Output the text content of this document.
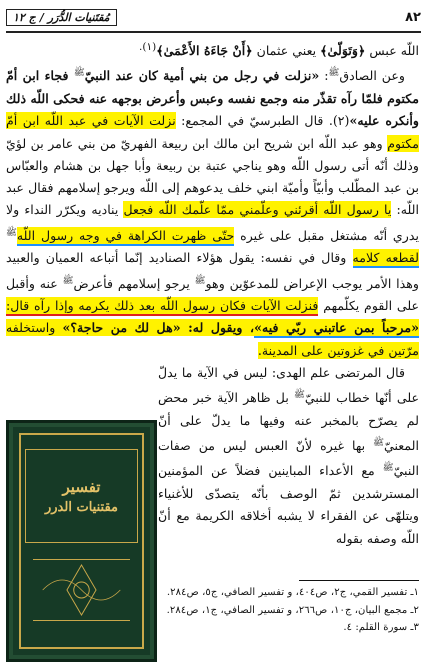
٨٢
مُقتَنيات الدُّرَر
/
ج ١٢

اللّه عبس ﴿وَتَوَلّىٰ﴾ يعني عثمان ﴿أَنْ جَاءَهُ الأَعْمَىٰ﴾$^{(١).}$

وعن الصادق$^ﷺ$: «نزلت في رجل من بني أمية كان عند النبيّ$^ﷺ$ فجاء ابن أمّ مكتوم فلمّا رآه تقذّر منه وجمع نفسه وعبس وأعرض بوجهه عنه فحكى اللّه ذلك وأنكره عليه»(٢). قال الطبرسيّ في المجمع: نزلت الآيات في عبد اللّه ابن أمّ مكتوم وهو عبد اللّه ابن شريح ابن مالك ابن ربيعة الفهريّ من بني عامر بن لؤيّ وذلك أنّه أتى رسول اللّه وهو يناجي عتبة بن ربيعة وأبا جهل بن هشام والعبّاس بن عبد المطّلب وأبيّاً وأميّة ابني خلف يدعوهم إلى اللّه ويرجو إسلامهم فقال عبد اللّه: يا رسول اللّه أقرئني وعلّمني ممّا علّمك اللّه فجعل يناديه ويكرّر النداء ولا يدري أنّه مشتغل مقبل على غيره حتّى ظهرت الكراهة في وجه رسول اللّه$^ﷺ$ لقطعه كلامه وقال في نفسه: يقول هؤلاء الصناديد إنّما أتباعه العميان والعبيد وهذا الأمر يوجب الإعراض للمدعوّين وهو$^ﷺ$ يرجو إسلامهم فأعرض$^ﷺ$ عنه وأقبل على القوم يكلّمهم فنزلت الآيات فكان رسول اللّه بعد ذلك يكرمه وإذا رآه قال: «مرحباً بمن عاتبني ربّي فيه»، ويقول له: «هل لك من حاجة؟» واستخلفه مرّتين في غزوتين على المدينة.

قال المرتضى علم الهدى: ليس في الآية ما يدلّ على أنّها خطاب للنبيّ$^ﷺ$ بل ظاهر الآية خبر محض لم يصرّح بالمخبر عنه وفيها ما يدلّ على أنّ المعنيّ$^ﷺ$ بها غيره لأنّ العبس ليس من صفات النبيّ$^ﷺ$ مع الأعداء المباينين فضلاً عن المؤمنين المسترشدين ثمّ الوصف بأنّه يتصدّى للأغنياء ويتلهّى عن الفقراء لا يشبه أخلاقه الكريمة مع أنّ اللّه وصفه بقوله

تفسير
مقتنيات الدرر
١ـ تفسير القمي، ج٢، ص٤٠٤، و تفسير الصافي، ج٥، ص٢٨٤.
٢ـ مجمع البيان، ج١٠، ص٢٦٦، و تفسير الصافي، ج١، ص٢٨٤.
٣ـ سورة القلم: ٤.
